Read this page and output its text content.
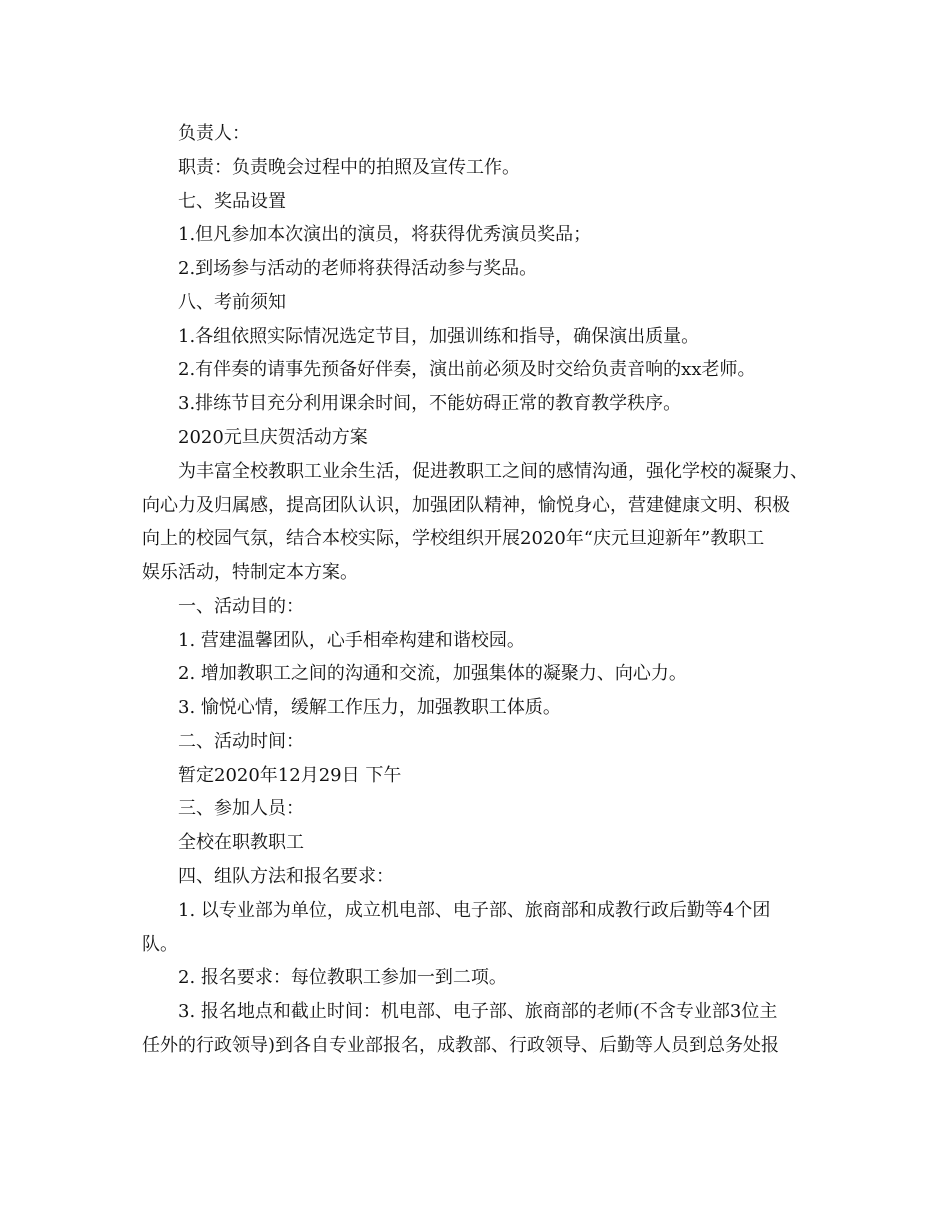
负责人：
职责：负责晚会过程中的拍照及宣传工作。
七、奖品设置
1.但凡参加本次演出的演员，将获得优秀演员奖品；
2.到场参与活动的老师将获得活动参与奖品。
八、考前须知
1.各组依照实际情况选定节目，加强训练和指导，确保演出质量。
2.有伴奏的请事先预备好伴奏，演出前必须及时交给负责音响的xx老师。
3.排练节目充分利用课余时间，不能妨碍正常的教育教学秩序。
2020元旦庆贺活动方案
为丰富全校教职工业余生活，促进教职工之间的感情沟通，强化学校的凝聚力、
向心力及归属感，提高团队认识，加强团队精神，愉悦身心，营建健康文明、积极
向上的校园气氛，结合本校实际，学校组织开展2020年“庆元旦迎新年”教职工
娱乐活动，特制定本方案。
一、活动目的：
1. 营建温馨团队，心手相牵构建和谐校园。
2. 增加教职工之间的沟通和交流，加强集体的凝聚力、向心力。
3. 愉悦心情，缓解工作压力，加强教职工体质。
二、活动时间：
暂定2020年12月29日 下午
三、参加人员：
全校在职教职工
四、组队方法和报名要求：
1. 以专业部为单位，成立机电部、电子部、旅商部和成教行政后勤等4个团
队。
2. 报名要求：每位教职工参加一到二项。
3. 报名地点和截止时间：机电部、电子部、旅商部的老师(不含专业部3位主
任外的行政领导)到各自专业部报名，成教部、行政领导、后勤等人员到总务处报
